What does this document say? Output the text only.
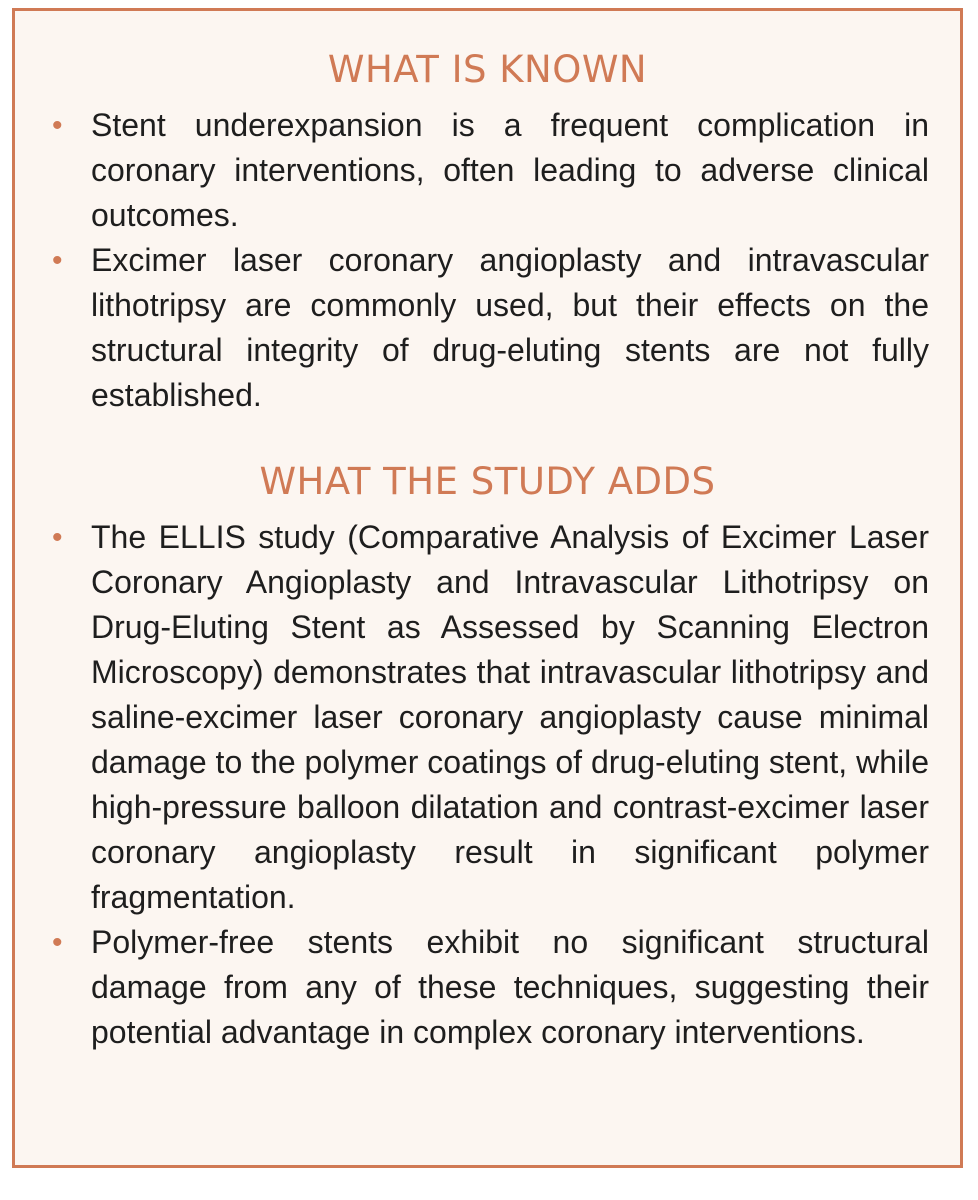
WHAT IS KNOWN
• Stent underexpansion is a frequent complication in coronary interventions, often leading to adverse clinical outcomes.
• Excimer laser coronary angioplasty and intravascular lithotripsy are commonly used, but their effects on the structural integrity of drug-eluting stents are not fully established.
WHAT THE STUDY ADDS
• The ELLIS study (Comparative Analysis of Excimer Laser Coronary Angioplasty and Intravascular Lithotripsy on Drug-Eluting Stent as Assessed by Scanning Electron Microscopy) demonstrates that intravascular lithotripsy and saline-excimer laser coronary angioplasty cause minimal damage to the polymer coatings of drug-eluting stent, while high-pressure balloon dilatation and contrast-excimer laser coronary angioplasty result in significant polymer fragmentation.
• Polymer-free stents exhibit no significant structural damage from any of these techniques, suggesting their potential advantage in complex coronary interventions.
